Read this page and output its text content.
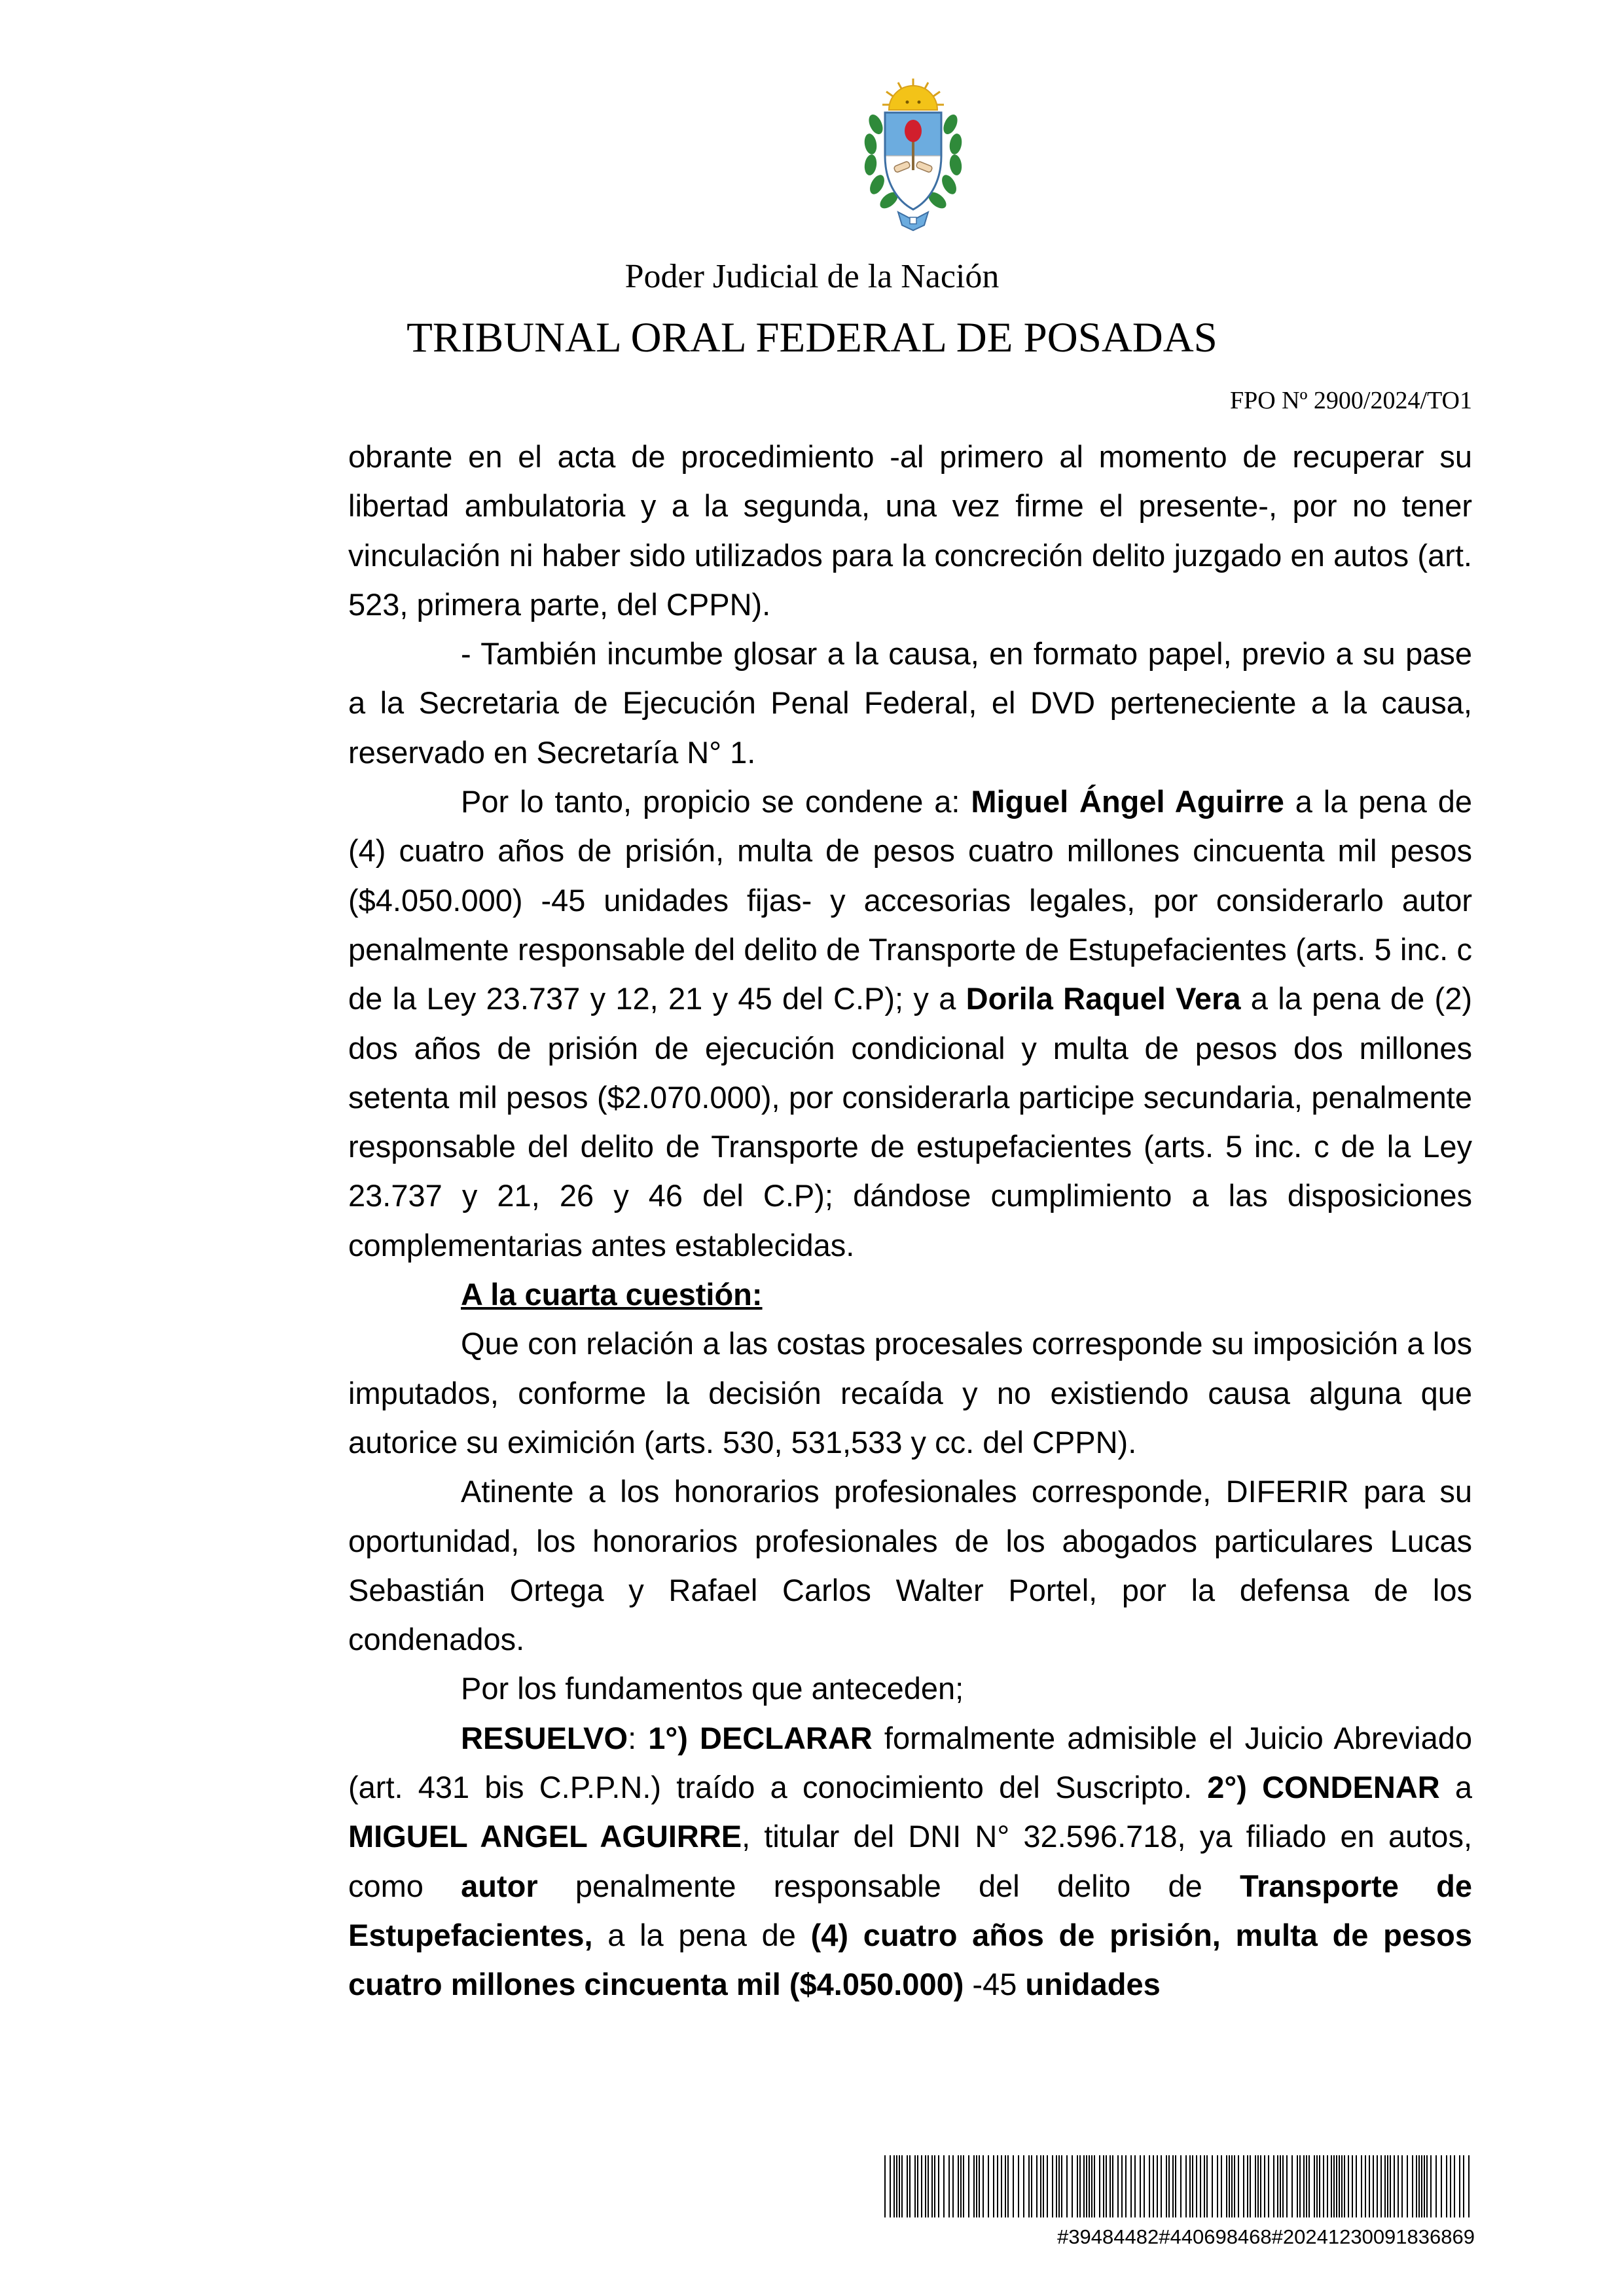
Poder Judicial de la Nación
TRIBUNAL ORAL FEDERAL DE POSADAS
FPO Nº 2900/2024/TO1

obrante en el acta de procedimiento -al primero al momento de recuperar su libertad ambulatoria y a la segunda, una vez firme el presente-, por no tener vinculación ni haber sido utilizados para la concreción delito juzgado en autos (art. 523, primera parte, del CPPN).

- También incumbe glosar a la causa, en formato papel, previo a su pase a la Secretaria de Ejecución Penal Federal, el DVD perteneciente a la causa, reservado en Secretaría N° 1.

Por lo tanto, propicio se condene a: Miguel Ángel Aguirre a la pena de (4) cuatro años de prisión, multa de pesos cuatro millones cincuenta mil pesos ($4.050.000) -45 unidades fijas- y accesorias legales, por considerarlo autor penalmente responsable del delito de Transporte de Estupefacientes (arts. 5 inc. c de la Ley 23.737 y 12, 21 y 45 del C.P); y a Dorila Raquel Vera a la pena de (2) dos años de prisión de ejecución condicional y multa de pesos dos millones setenta mil pesos ($2.070.000), por considerarla participe secundaria, penalmente responsable del delito de Transporte de estupefacientes (arts. 5 inc. c de la Ley 23.737 y 21, 26 y 46 del C.P); dándose cumplimiento a las disposiciones complementarias antes establecidas.

A la cuarta cuestión:

Que con relación a las costas procesales corresponde su imposición a los imputados, conforme la decisión recaída y no existiendo causa alguna que autorice su eximición (arts. 530, 531,533 y cc. del CPPN).

Atinente a los honorarios profesionales corresponde, DIFERIR para su oportunidad, los honorarios profesionales de los abogados particulares Lucas Sebastián Ortega y Rafael Carlos Walter Portel, por la defensa de los condenados.

Por los fundamentos que anteceden;

RESUELVO: 1°) DECLARAR formalmente admisible el Juicio Abreviado (art. 431 bis C.P.P.N.) traído a conocimiento del Suscripto. 2°) CONDENAR a MIGUEL ANGEL AGUIRRE, titular del DNI N° 32.596.718, ya filiado en autos, como autor penalmente responsable del delito de Transporte de Estupefacientes, a la pena de (4) cuatro años de prisión, multa de pesos cuatro millones cincuenta mil ($4.050.000) -45 unidades

#39484482#440698468#20241230091836869
